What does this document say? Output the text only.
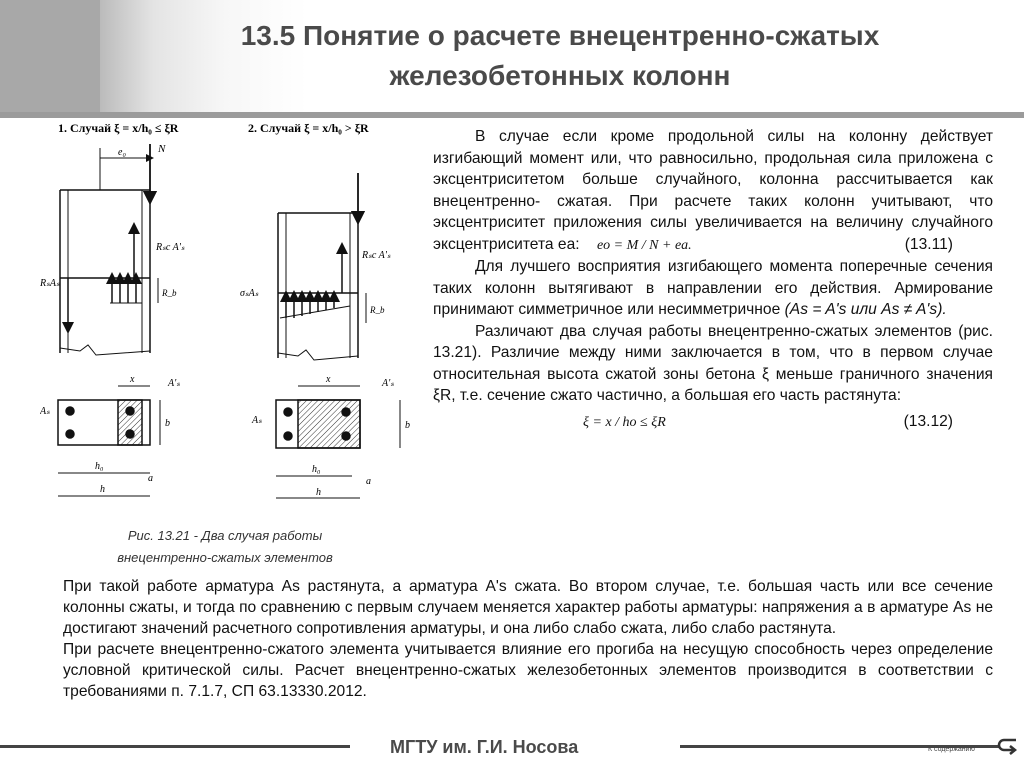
13.5 Понятие о расчете внецентренно-сжатых
железобетонных колонн
1. Случай ξ = x/h₀ ≤ ξR	2. Случай ξ = x/h₀ > ξR
e₀	N
Rₛc A'ₛ
RₛAₛ
R_b
x	A'ₛ
Aₛ
b
h₀
a
h
Rₛc A'ₛ
σₛAₛ
R_b
x	A'ₛ
Aₛ	b
h₀
a
h
Рис. 13.21 - Два случая работы
внецентренно-сжатых элементов

В случае если кроме продольной силы на колонну действует изгибающий момент или, что равносильно, продольная сила приложена с эксцентриситетом больше случайного, колонна рассчитывается как внецентренно- сжатая. При расчете таких колонн учитывают, что эксцентриситет приложения силы увеличивается на величину случайного эксцентриситета ea: eo = M / N + ea.	(13.11)

Для лучшего восприятия изгибающего момента поперечные сечения таких колонн вытягивают в направлении его действия. Армирование принимают симметричное или несимметричное (As = A's или As ≠ A's).

Различают два случая работы внецентренно-сжатых элементов (рис. 13.21). Различие между ними заключается в том, что в первом случае относительная высота сжатой зоны бетона ξ меньше граничного значения ξR, т.е. сечение сжато частично, а большая его часть растянута:

ξ = x / ho ≤ ξR	(13.12)

При такой работе арматура As растянута, а арматура A's сжата. Во втором случае, т.е. большая часть или все сечение колонны сжаты, и тогда по сравнению с первым случаем меняется характер работы арматуры: напряжения а в арматуре As не достигают значений расчетного сопротивления арматуры, и она либо слабо сжата, либо слабо растянута.

При расчете внецентренно-сжатого элемента учитывается влияние его прогиба на несущую способность через определение условной критической силы. Расчет внецентренно-сжатых железобетонных элементов производится в соответствии с требованиями п. 7.1.7, СП 63.13330.2012.

МГТУ им. Г.И. Носова	К содержанию
